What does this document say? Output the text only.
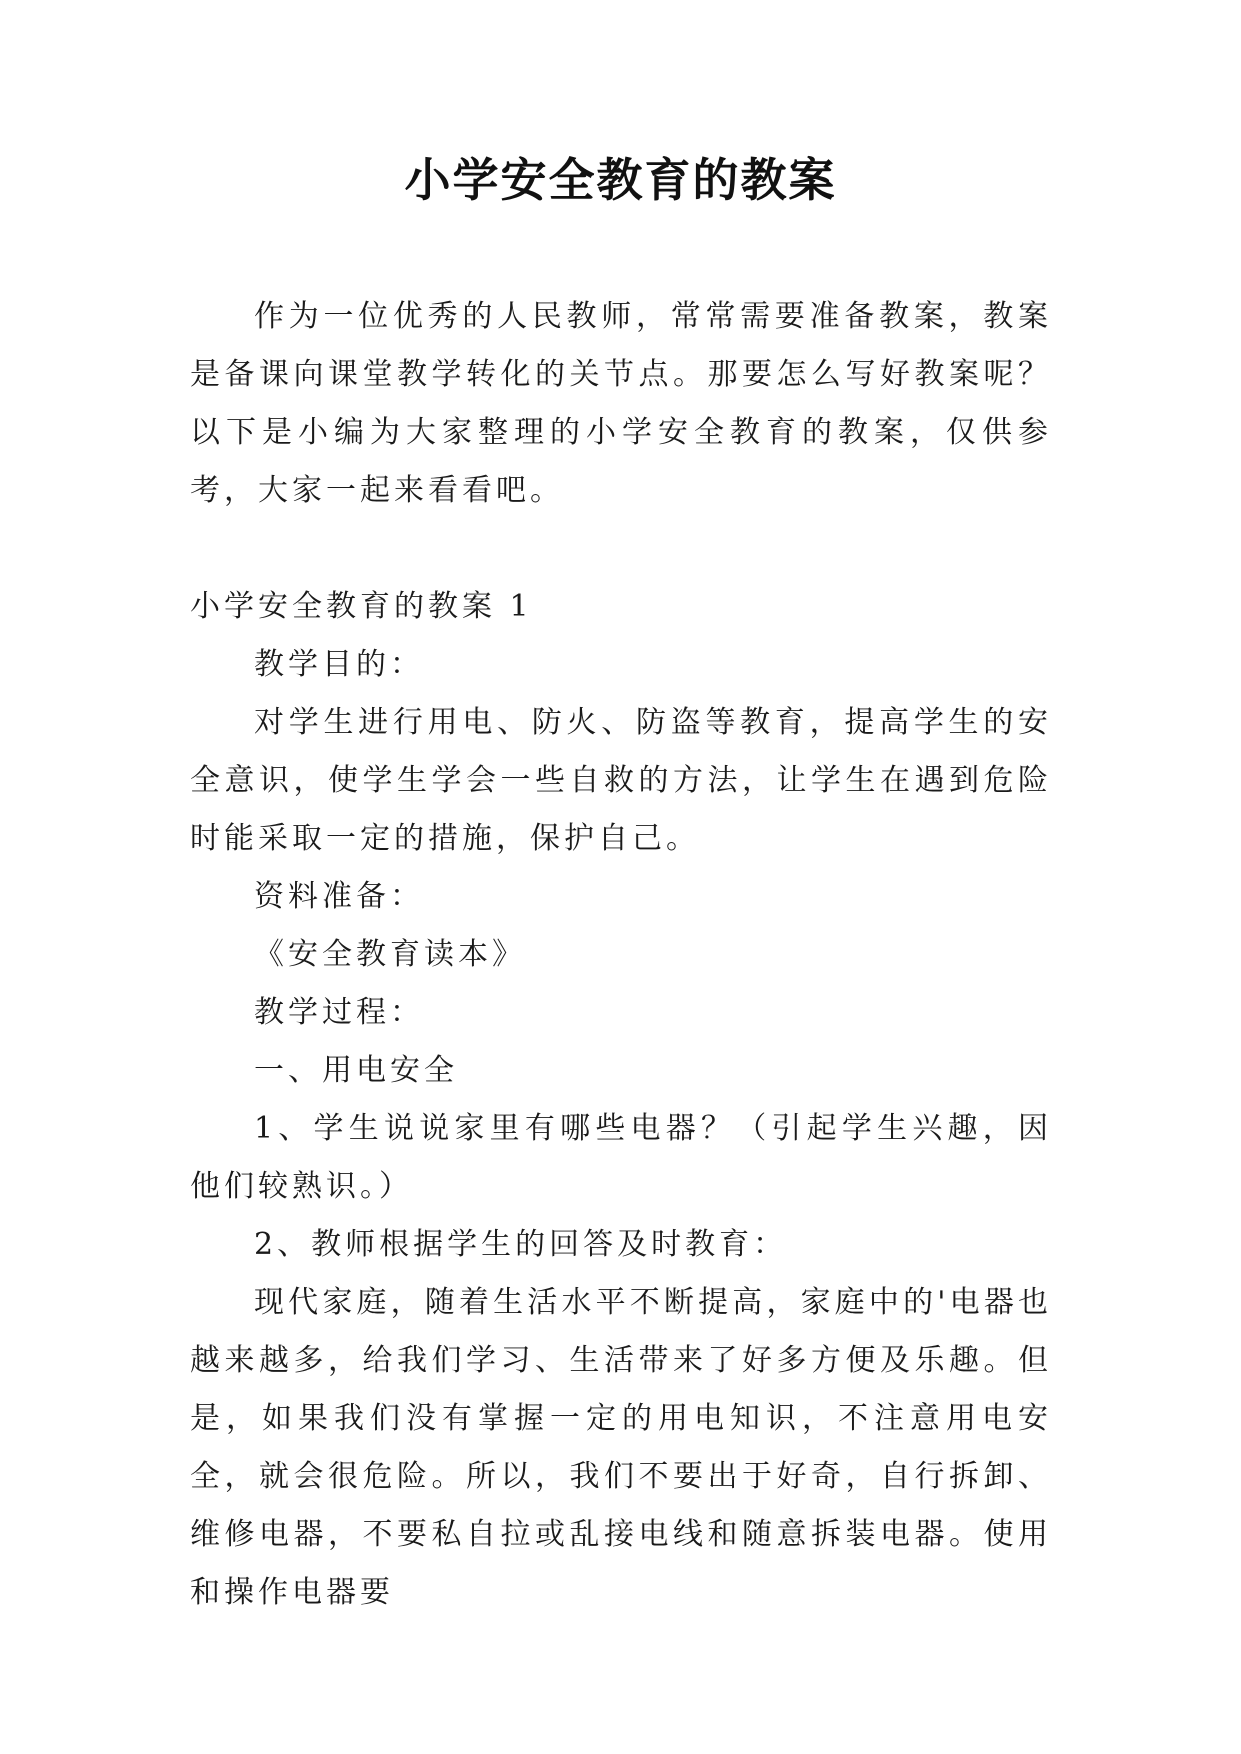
小学安全教育的教案

作为一位优秀的人民教师，常常需要准备教案，教案是备课向课堂教学转化的关节点。那要怎么写好教案呢？以下是小编为大家整理的小学安全教育的教案，仅供参考，大家一起来看看吧。

小学安全教育的教案 1

教学目的：

对学生进行用电、防火、防盗等教育，提高学生的安全意识，使学生学会一些自救的方法，让学生在遇到危险时能采取一定的措施，保护自己。

资料准备：

《安全教育读本》

教学过程：

一、用电安全

1、学生说说家里有哪些电器？（引起学生兴趣，因他们较熟识。）

2、教师根据学生的回答及时教育：

现代家庭，随着生活水平不断提高，家庭中的'电器也越来越多，给我们学习、生活带来了好多方便及乐趣。但是，如果我们没有掌握一定的用电知识，不注意用电安全，就会很危险。所以，我们不要出于好奇，自行拆卸、维修电器，不要私自拉或乱接电线和随意拆装电器。使用和操作电器要
